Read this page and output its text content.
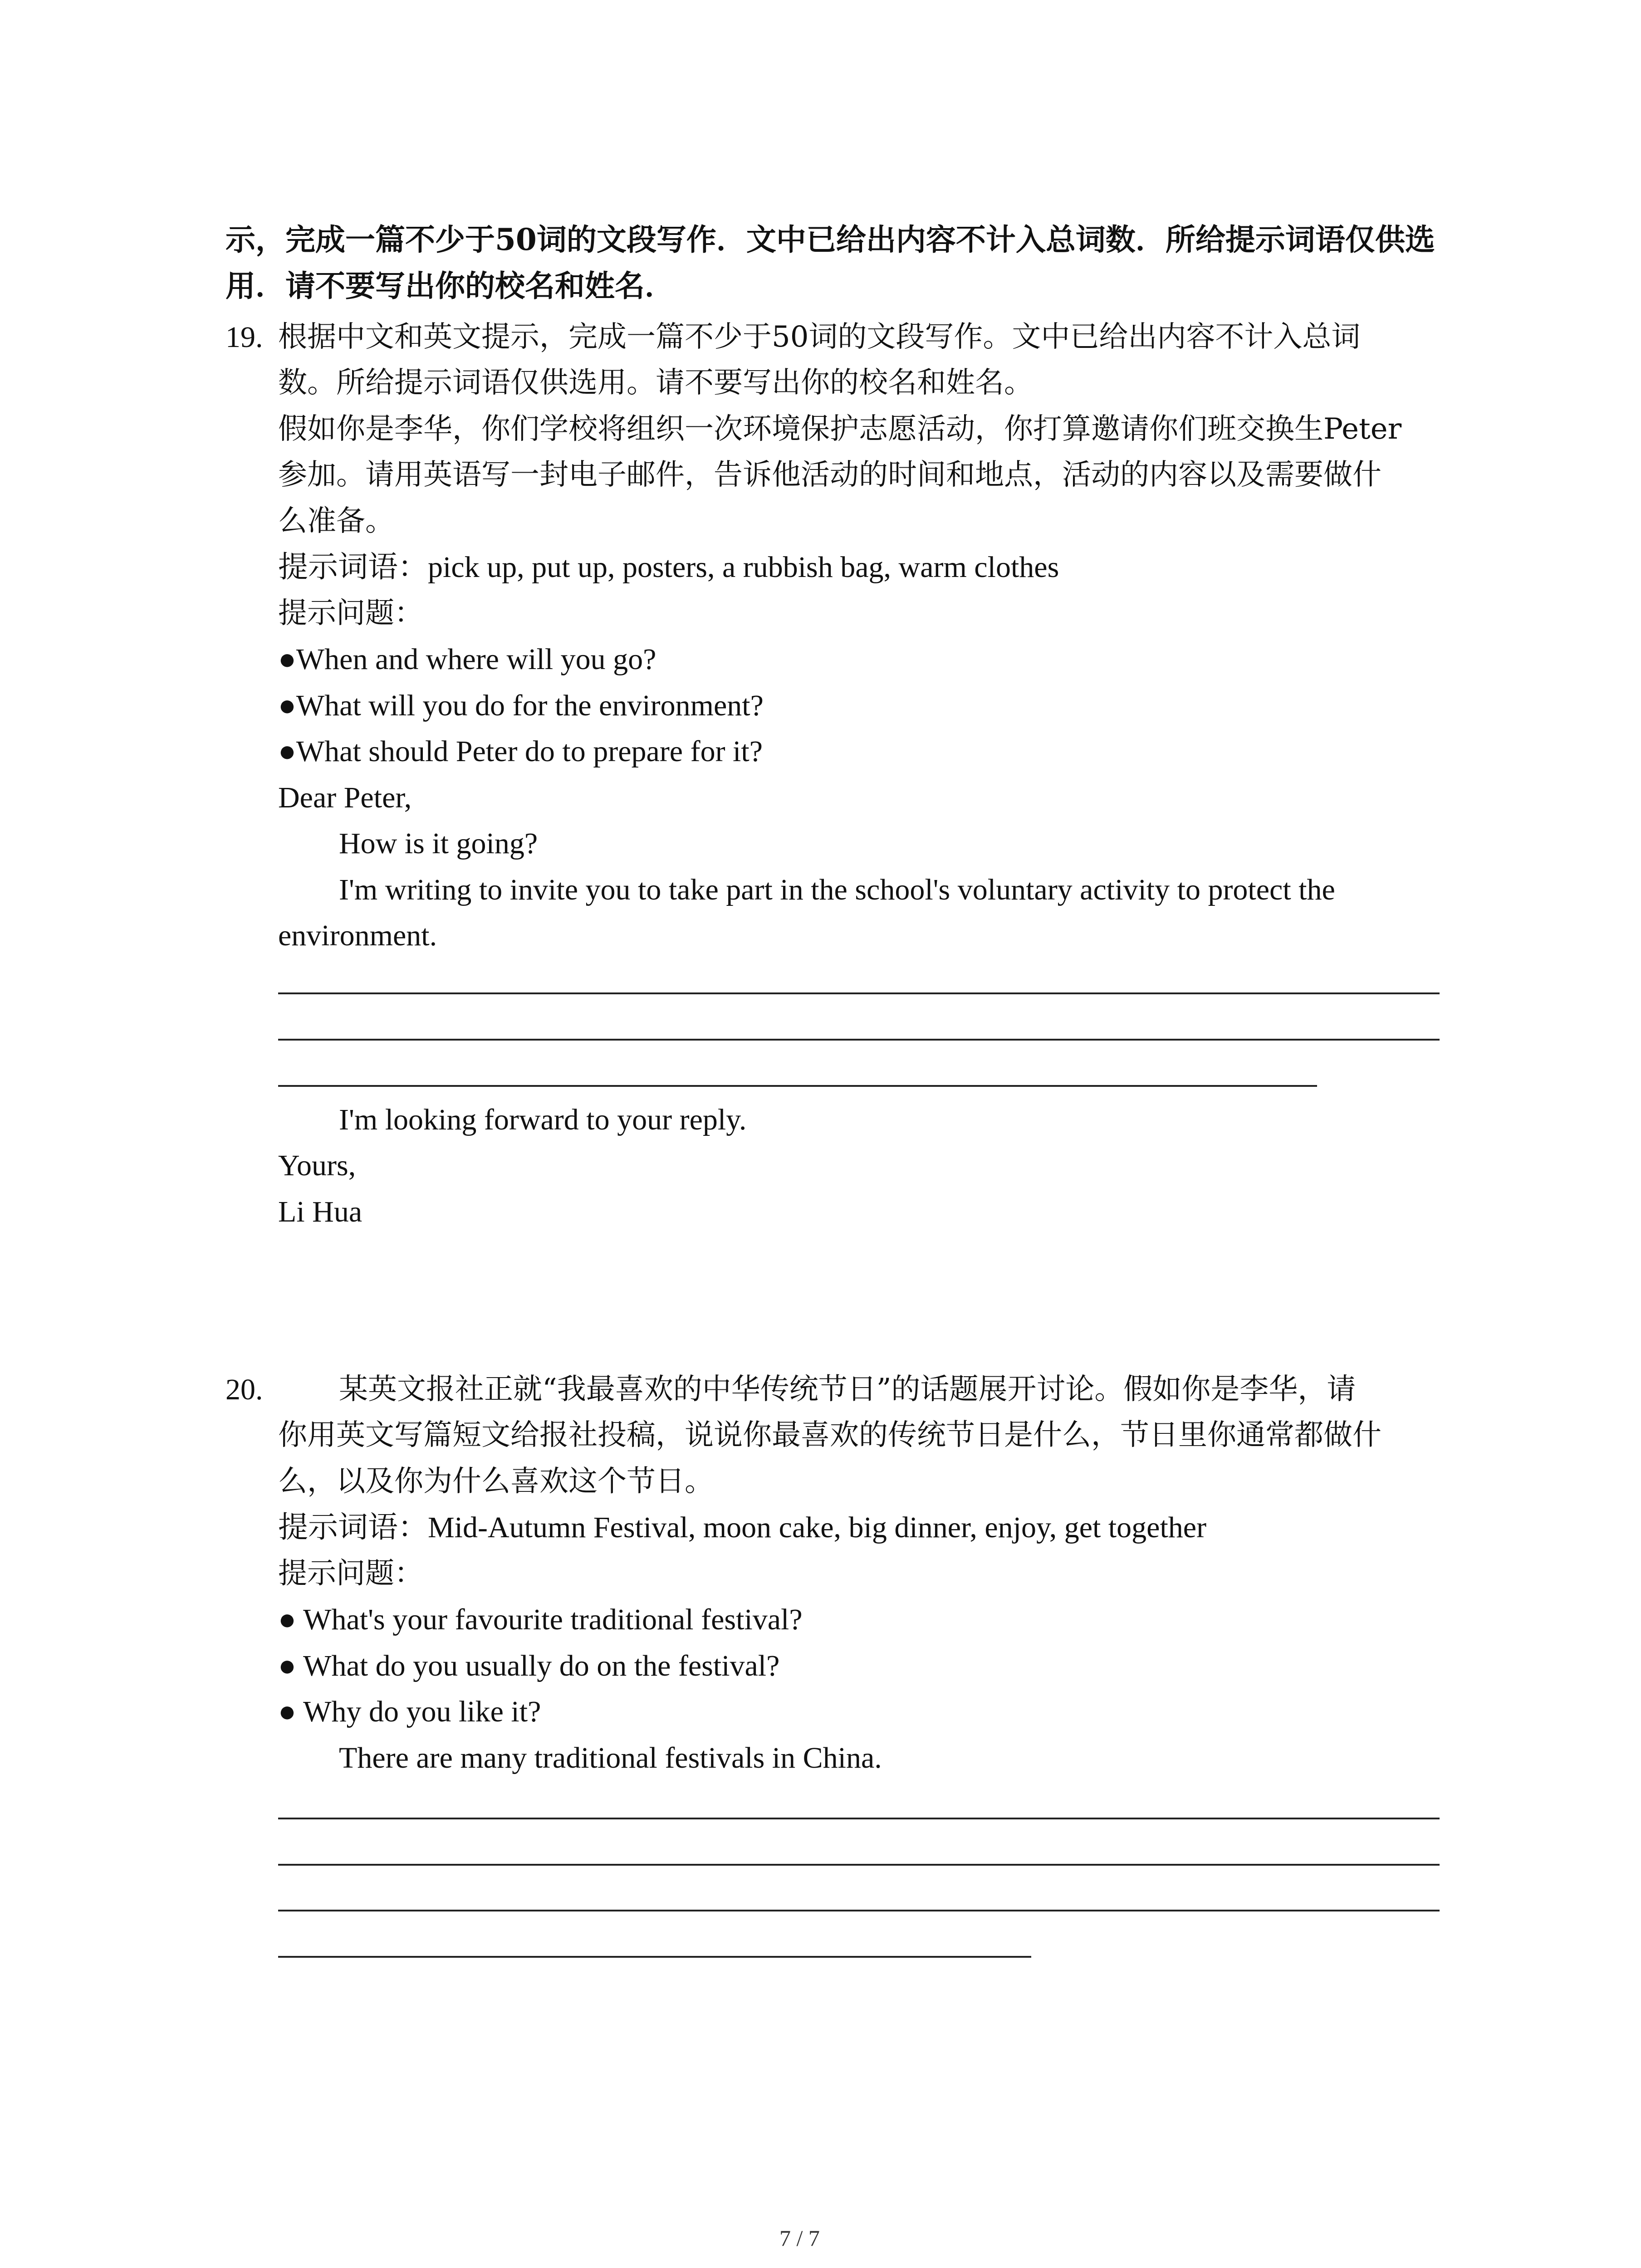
示，完成一篇不少于50词的文段写作．文中已给出内容不计入总词数．所给提示词语仅供选
用．请不要写出你的校名和姓名．
19. 根据中文和英文提示，完成一篇不少于50词的文段写作。文中已给出内容不计入总词
数。所给提示词语仅供选用。请不要写出你的校名和姓名。
假如你是李华，你们学校将组织一次环境保护志愿活动，你打算邀请你们班交换生Peter
参加。请用英语写一封电子邮件，告诉他活动的时间和地点，活动的内容以及需要做什
么准备。
提示词语：pick up, put up, posters, a rubbish bag, warm clothes
提示问题：
●When and where will you go?
●What will you do for the environment?
●What should Peter do to prepare for it?
Dear Peter,
How is it going?
I'm writing to invite you to take part in the school's voluntary activity to protect the
environment.
I'm looking forward to your reply.
Yours,
Li Hua
20.	某英文报社正就“我最喜欢的中华传统节日”的话题展开讨论。假如你是李华，请
你用英文写篇短文给报社投稿，说说你最喜欢的传统节日是什么，节日里你通常都做什
么，以及你为什么喜欢这个节日。
提示词语：Mid-Autumn Festival, moon cake, big dinner, enjoy, get together
提示问题：
● What's your favourite traditional festival?
● What do you usually do on the festival?
● Why do you like it?
There are many traditional festivals in China.
7 / 7
